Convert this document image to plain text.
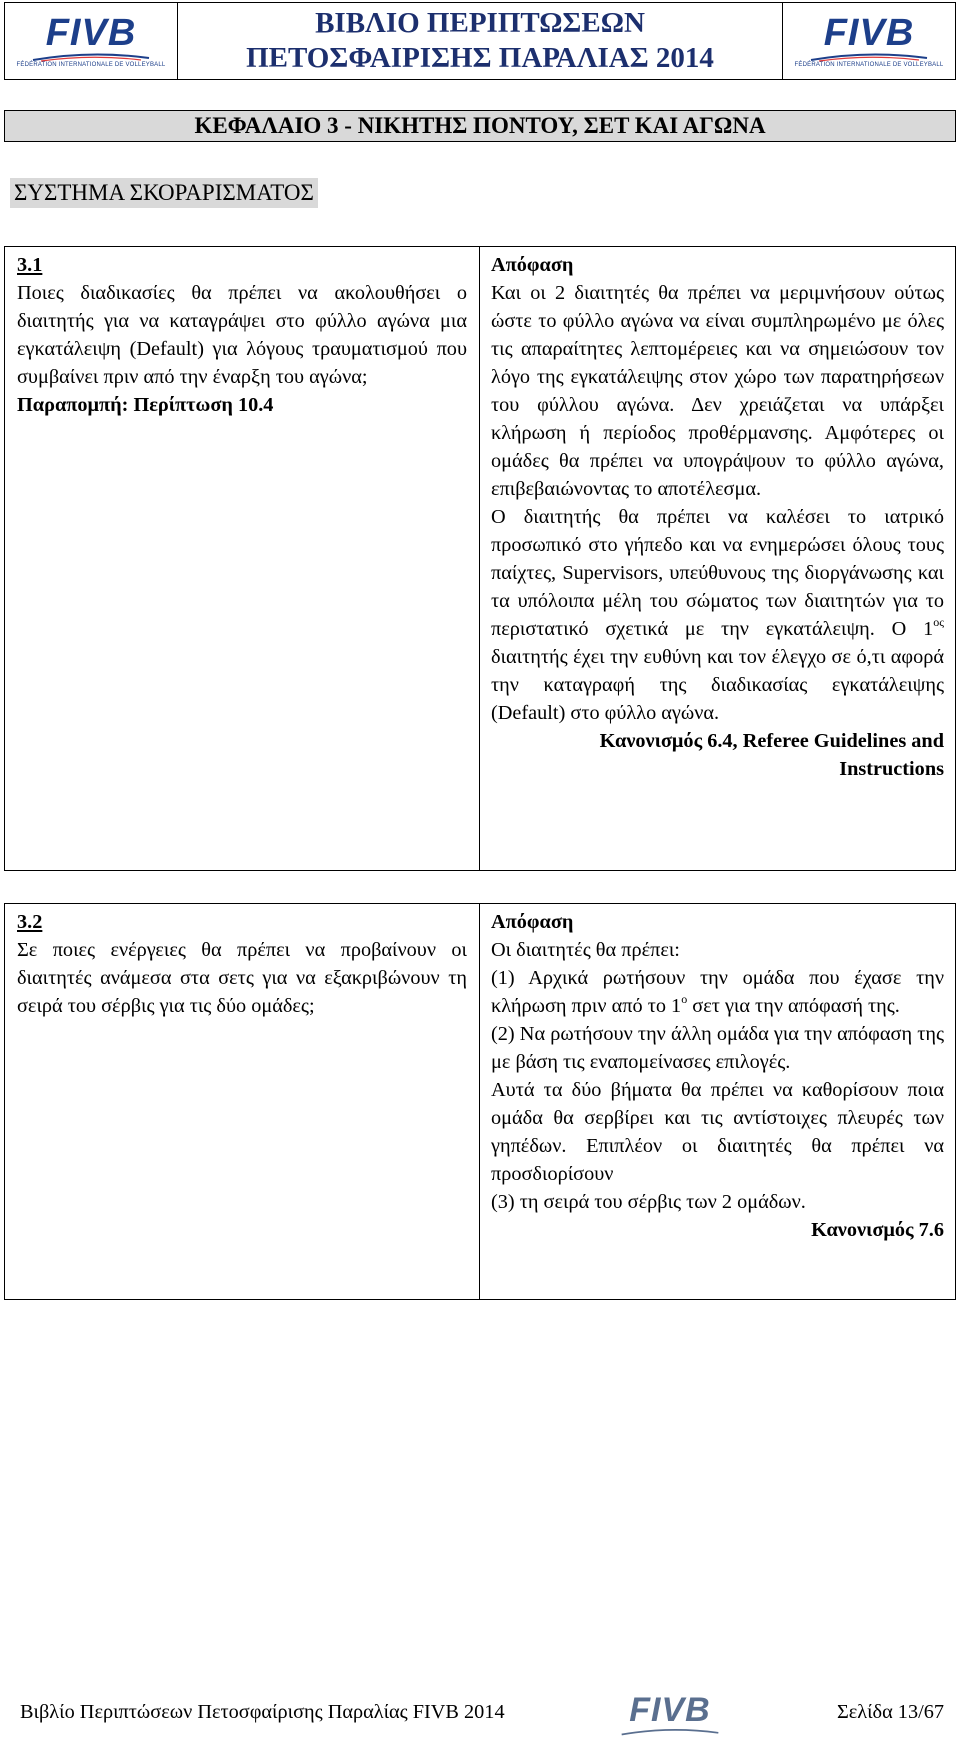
FIVB
FÉDÉRATION INTERNATIONALE DE VOLLEYBALL
ΒΙΒΛΙΟ ΠΕΡΙΠΤΩΣΕΩΝ
ΠΕΤΟΣΦΑΙΡΙΣΗΣ ΠΑΡΑΛΙΑΣ 2014
FIVB
FÉDÉRATION INTERNATIONALE DE VOLLEYBALL
ΚΕΦΑΛΑΙΟ 3 - ΝΙΚΗΤΗΣ ΠΟΝΤΟΥ, ΣΕΤ ΚΑΙ ΑΓΩΝΑ
ΣΥΣΤΗΜΑ ΣΚΟΡΑΡΙΣΜΑΤΟΣ
3.1

Ποιες διαδικασίες θα πρέπει να ακολουθήσει ο διαιτητής για να καταγράψει στο φύλλο αγώνα μια εγκατάλειψη (Default) για λόγους τραυματισμού που συμβαίνει πριν από την έναρξη του αγώνα;

Παραπομπή: Περίπτωση 10.4
Απόφαση

Και οι 2 διαιτητές θα πρέπει να μεριμνήσουν ούτως ώστε το φύλλο αγώνα να είναι συμπληρωμένο με όλες τις απαραίτητες λεπτομέρειες και να σημειώσουν τον λόγο της εγκατάλειψης στον χώρο των παρατηρήσεων του φύλλου αγώνα. Δεν χρειάζεται να υπάρξει κλήρωση ή περίοδος προθέρμανσης. Αμφότερες οι ομάδες θα πρέπει να υπογράψουν το φύλλο αγώνα, επιβεβαιώνοντας το αποτέλεσμα.

Ο διαιτητής θα πρέπει να καλέσει το ιατρικό προσωπικό στο γήπεδο και να ενημερώσει όλους τους παίχτες, Supervisors, υπεύθυνους της διοργάνωσης και τα υπόλοιπα μέλη του σώματος των διαιτητών για το περιστατικό σχετικά με την εγκατάλειψη. Ο $1^{o\varsigma}$ διαιτητής έχει την ευθύνη και τον έλεγχο σε ό,τι αφορά την καταγραφή της διαδικασίας εγκατάλειψης (Default) στο φύλλο αγώνα.

Κανονισμός 6.4, Referee Guidelines and Instructions
3.2

Σε ποιες ενέργειες θα πρέπει να προβαίνουν οι διαιτητές ανάμεσα στα σετς για να εξακριβώνουν τη σειρά του σέρβις για τις δύο ομάδες;

Απόφαση

Οι διαιτητές θα πρέπει:

(1) Αρχικά ρωτήσουν την ομάδα που έχασε την κλήρωση πριν από το $1^o$ σετ για την απόφασή της.

(2) Να ρωτήσουν την άλλη ομάδα για την απόφαση της με βάση τις εναπομείνασες επιλογές.

Αυτά τα δύο βήματα θα πρέπει να καθορίσουν ποια ομάδα θα σερβίρει και τις αντίστοιχες πλευρές των γηπέδων. Επιπλέον οι διαιτητές θα πρέπει να προσδιορίσουν

(3) τη σειρά του σέρβις των 2 ομάδων.

Κανονισμός 7.6
Βιβλίο Περιπτώσεων Πετοσφαίρισης Παραλίας FIVB 2014	FIVB	Σελίδα 13/67
